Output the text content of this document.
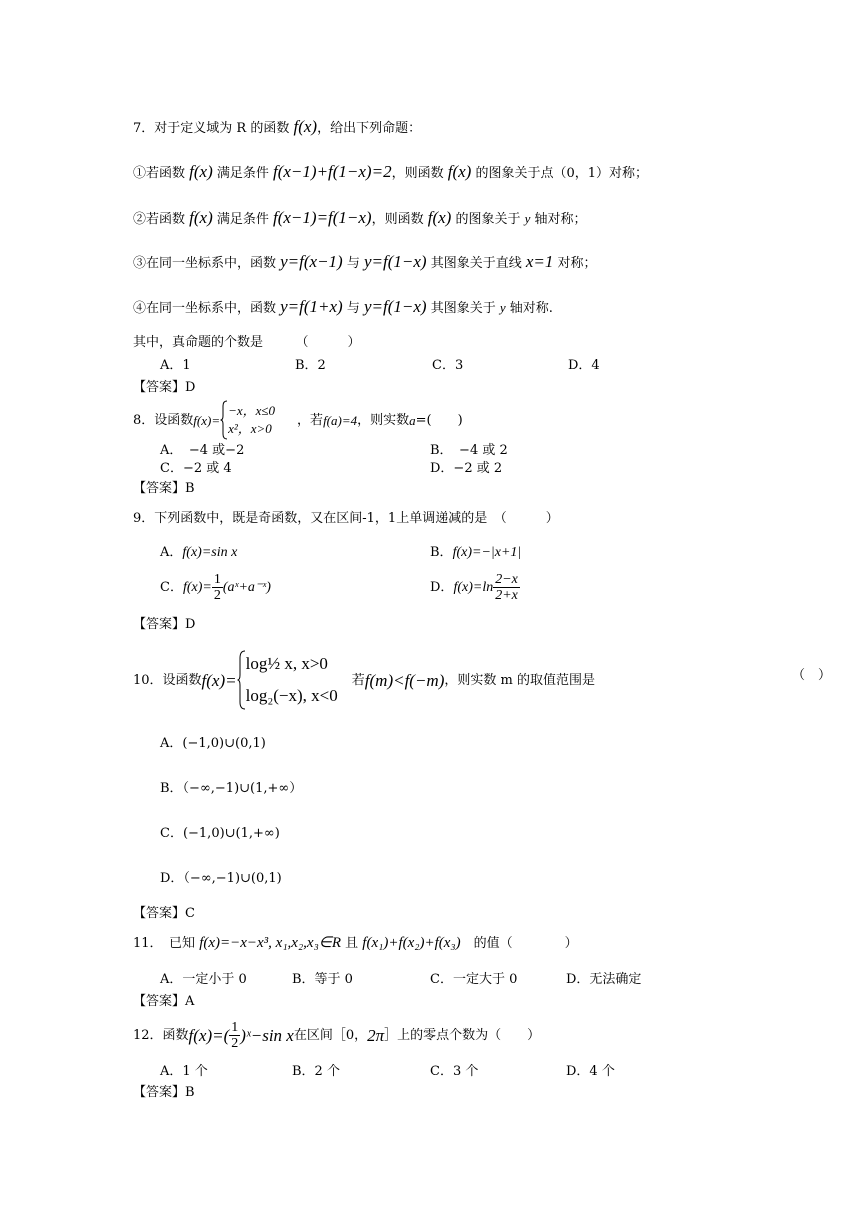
7．对于定义域为 R 的函数 f(x)，给出下列命题：
①若函数 f(x) 满足条件 f(x−1)+f(1−x)=2，则函数 f(x) 的图象关于点（0，1）对称；
②若函数 f(x) 满足条件 f(x−1)=f(1−x)，则函数 f(x) 的图象关于 y 轴对称；
③在同一坐标系中，函数 y=f(x−1) 与 y=f(1−x) 其图象关于直线 x=1 对称；
④在同一坐标系中，函数 y=f(1+x) 与 y=f(1−x) 其图象关于 y 轴对称.
其中，真命题的个数是　　　（　　　）
A．1	B．2	C．3	D．4
【答案】D
8．设函数 f(x)=
−x，x≤0
x²，x>0
，若 f(a)=4 ，则实数 a =(　　)
A．　−4 或−2	B．　−4 或 2
C．−2 或 4	D．−2 或 2
【答案】B
9．下列函数中，既是奇函数，又在区间-1，1上单调递减的是　（　　　）
A．f(x)=sin x	B．f(x)=−|x+1|
C． $f(x)= \frac{1}{2}$ (aˣ+a⁻ˣ)	D． $f(x)=\ln \frac{2-x}{2+x}$
【答案】D
10．设函数 f(x)=
log½ x, x>0
log₂(−x), x<0
若 f(m)<f(−m) ，则实数 m 的取值范围是	（　）
A．(−1,0)∪(0,1)
B．（−∞,−1)∪(1,+∞）
C．(−1,0)∪(1,+∞)
D．（−∞,−1)∪(0,1)
【答案】C
11．　已知 f(x)=−x−x³, x₁,x₂,x₃∈R 且 f(x₁)+f(x₂)+f(x₃)　的值（　　　　）
A．一定小于 0	B．等于 0	C．一定大于 0	D．无法确定
【答案】A
12．函数 $f(x)=( \frac{1}{2}$ )ˣ−sin x 在区间［0， 2π ］上的零点个数为（　　）
A．1 个	B．2 个	C．3 个	D．4 个
【答案】B
